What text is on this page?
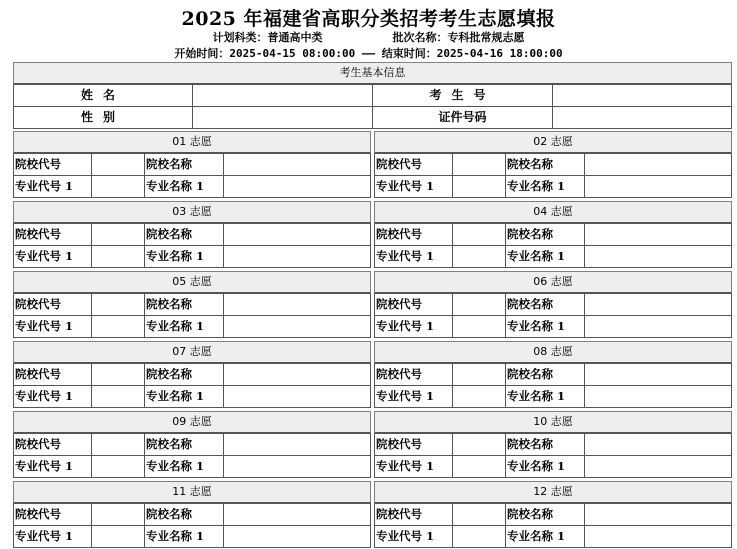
2025 年福建省高职分类招考考生志愿填报
计划科类：普通高中类	批次名称：专科批常规志愿
开始时间：2025-04-15 08:00:00 —— 结束时间：2025-04-16 18:00:00
考生基本信息
姓名	考生号
性别	证件号码
01 志愿
院校代号	院校名称
专业代号 1	专业名称 1
02 志愿
院校代号	院校名称
专业代号 1	专业名称 1
03 志愿
院校代号	院校名称
专业代号 1	专业名称 1
04 志愿
院校代号	院校名称
专业代号 1	专业名称 1
05 志愿
院校代号	院校名称
专业代号 1	专业名称 1
06 志愿
院校代号	院校名称
专业代号 1	专业名称 1
07 志愿
院校代号	院校名称
专业代号 1	专业名称 1
08 志愿
院校代号	院校名称
专业代号 1	专业名称 1
09 志愿
院校代号	院校名称
专业代号 1	专业名称 1
10 志愿
院校代号	院校名称
专业代号 1	专业名称 1
11 志愿
院校代号	院校名称
专业代号 1	专业名称 1
12 志愿
院校代号	院校名称
专业代号 1	专业名称 1
